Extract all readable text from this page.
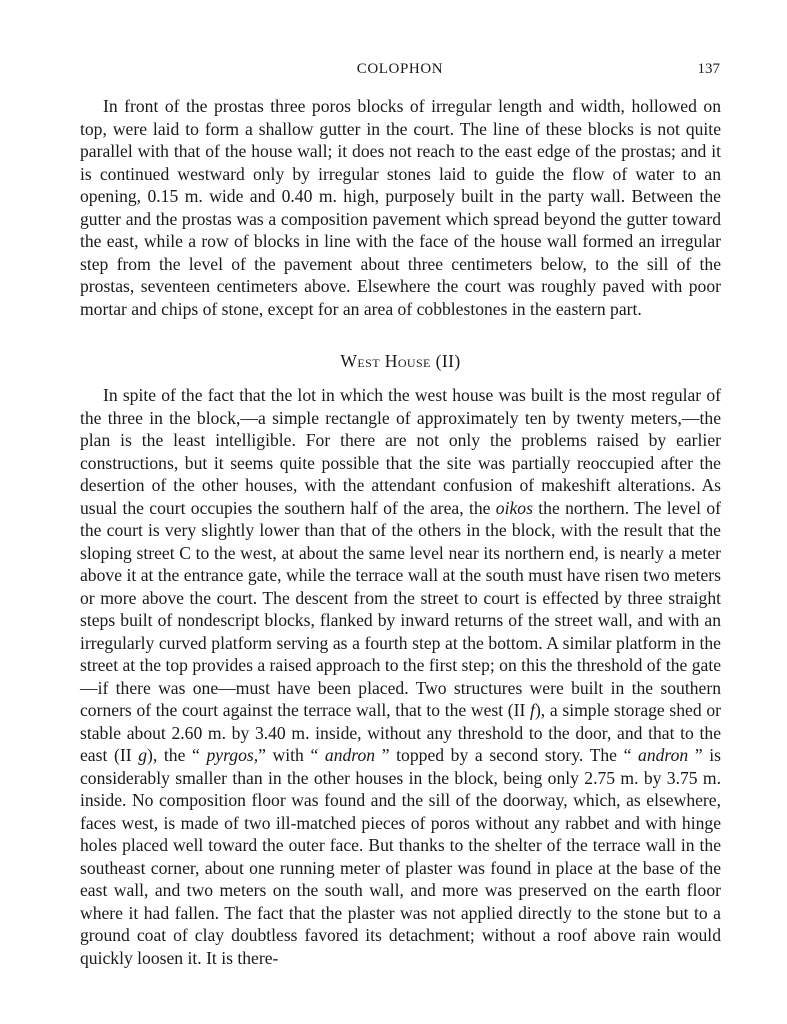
COLOPHON	137

In front of the prostas three poros blocks of irregular length and width, hollowed on top, were laid to form a shallow gutter in the court. The line of these blocks is not quite parallel with that of the house wall; it does not reach to the east edge of the prostas; and it is continued westward only by irregular stones laid to guide the flow of water to an opening, 0.15 m. wide and 0.40 m. high, purposely built in the party wall. Between the gutter and the prostas was a composition pavement which spread beyond the gutter toward the east, while a row of blocks in line with the face of the house wall formed an irregular step from the level of the pavement about three centimeters below, to the sill of the prostas, seventeen centimeters above. Elsewhere the court was roughly paved with poor mortar and chips of stone, except for an area of cobblestones in the eastern part.

West House (II)

In spite of the fact that the lot in which the west house was built is the most regular of the three in the block,—a simple rectangle of approximately ten by twenty meters,—the plan is the least intelligible. For there are not only the problems raised by earlier constructions, but it seems quite possible that the site was partially reoccupied after the desertion of the other houses, with the attendant confusion of makeshift alterations. As usual the court occupies the southern half of the area, the oikos the northern. The level of the court is very slightly lower than that of the others in the block, with the result that the sloping street C to the west, at about the same level near its northern end, is nearly a meter above it at the entrance gate, while the terrace wall at the south must have risen two meters or more above the court. The descent from the street to court is effected by three straight steps built of nondescript blocks, flanked by inward returns of the street wall, and with an irregularly curved platform serving as a fourth step at the bottom. A similar platform in the street at the top provides a raised approach to the first step; on this the threshold of the gate—if there was one—must have been placed. Two structures were built in the southern corners of the court against the terrace wall, that to the west (II f), a simple storage shed or stable about 2.60 m. by 3.40 m. inside, without any threshold to the door, and that to the east (II g), the “ pyrgos,” with “ andron ” topped by a second story. The “ andron ” is considerably smaller than in the other houses in the block, being only 2.75 m. by 3.75 m. inside. No composition floor was found and the sill of the doorway, which, as elsewhere, faces west, is made of two ill-matched pieces of poros without any rabbet and with hinge holes placed well toward the outer face. But thanks to the shelter of the terrace wall in the southeast corner, about one running meter of plaster was found in place at the base of the east wall, and two meters on the south wall, and more was preserved on the earth floor where it had fallen. The fact that the plaster was not applied directly to the stone but to a ground coat of clay doubtless favored its detachment; without a roof above rain would quickly loosen it. It is there-
